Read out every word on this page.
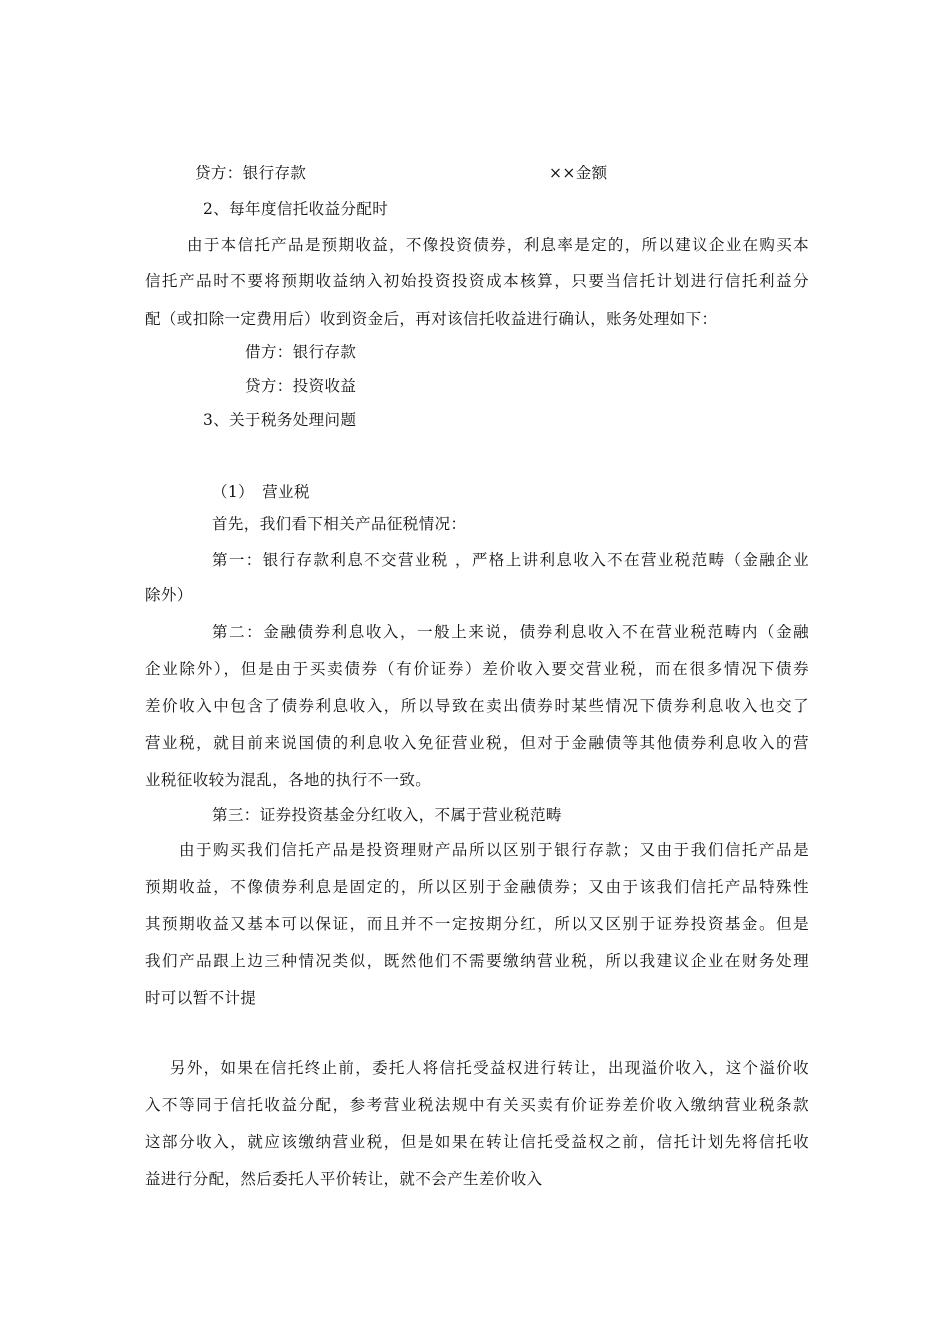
贷方：银行存款	××金额
2、每年度信托收益分配时
由于本信托产品是预期收益，不像投资债券，利息率是定的，所以建议企业在购买本
信托产品时不要将预期收益纳入初始投资投资成本核算，只要当信托计划进行信托利益分
配（或扣除一定费用后）收到资金后，再对该信托收益进行确认，账务处理如下：
借方：银行存款
贷方：投资收益
3、关于税务处理问题
（1）　营业税
首先，我们看下相关产品征税情况：
第一：银行存款利息不交营业税 ，严格上讲利息收入不在营业税范畴（金融企业
除外）
第二：金融债券利息收入，一般上来说，债券利息收入不在营业税范畴内（金融
企业除外），但是由于买卖债券（有价证券）差价收入要交营业税，而在很多情况下债券
差价收入中包含了债券利息收入，所以导致在卖出债券时某些情况下债券利息收入也交了
营业税，就目前来说国债的利息收入免征营业税，但对于金融债等其他债券利息收入的营
业税征收较为混乱，各地的执行不一致。
第三：证券投资基金分红收入，不属于营业税范畴
由于购买我们信托产品是投资理财产品所以区别于银行存款；又由于我们信托产品是
预期收益，不像债券利息是固定的，所以区别于金融债券；又由于该我们信托产品特殊性
其预期收益又基本可以保证，而且并不一定按期分红，所以又区别于证券投资基金。但是
我们产品跟上边三种情况类似，既然他们不需要缴纳营业税，所以我建议企业在财务处理
时可以暂不计提
另外，如果在信托终止前，委托人将信托受益权进行转让，出现溢价收入，这个溢价收
入不等同于信托收益分配，参考营业税法规中有关买卖有价证券差价收入缴纳营业税条款
这部分收入，就应该缴纳营业税，但是如果在转让信托受益权之前，信托计划先将信托收
益进行分配，然后委托人平价转让，就不会产生差价收入
